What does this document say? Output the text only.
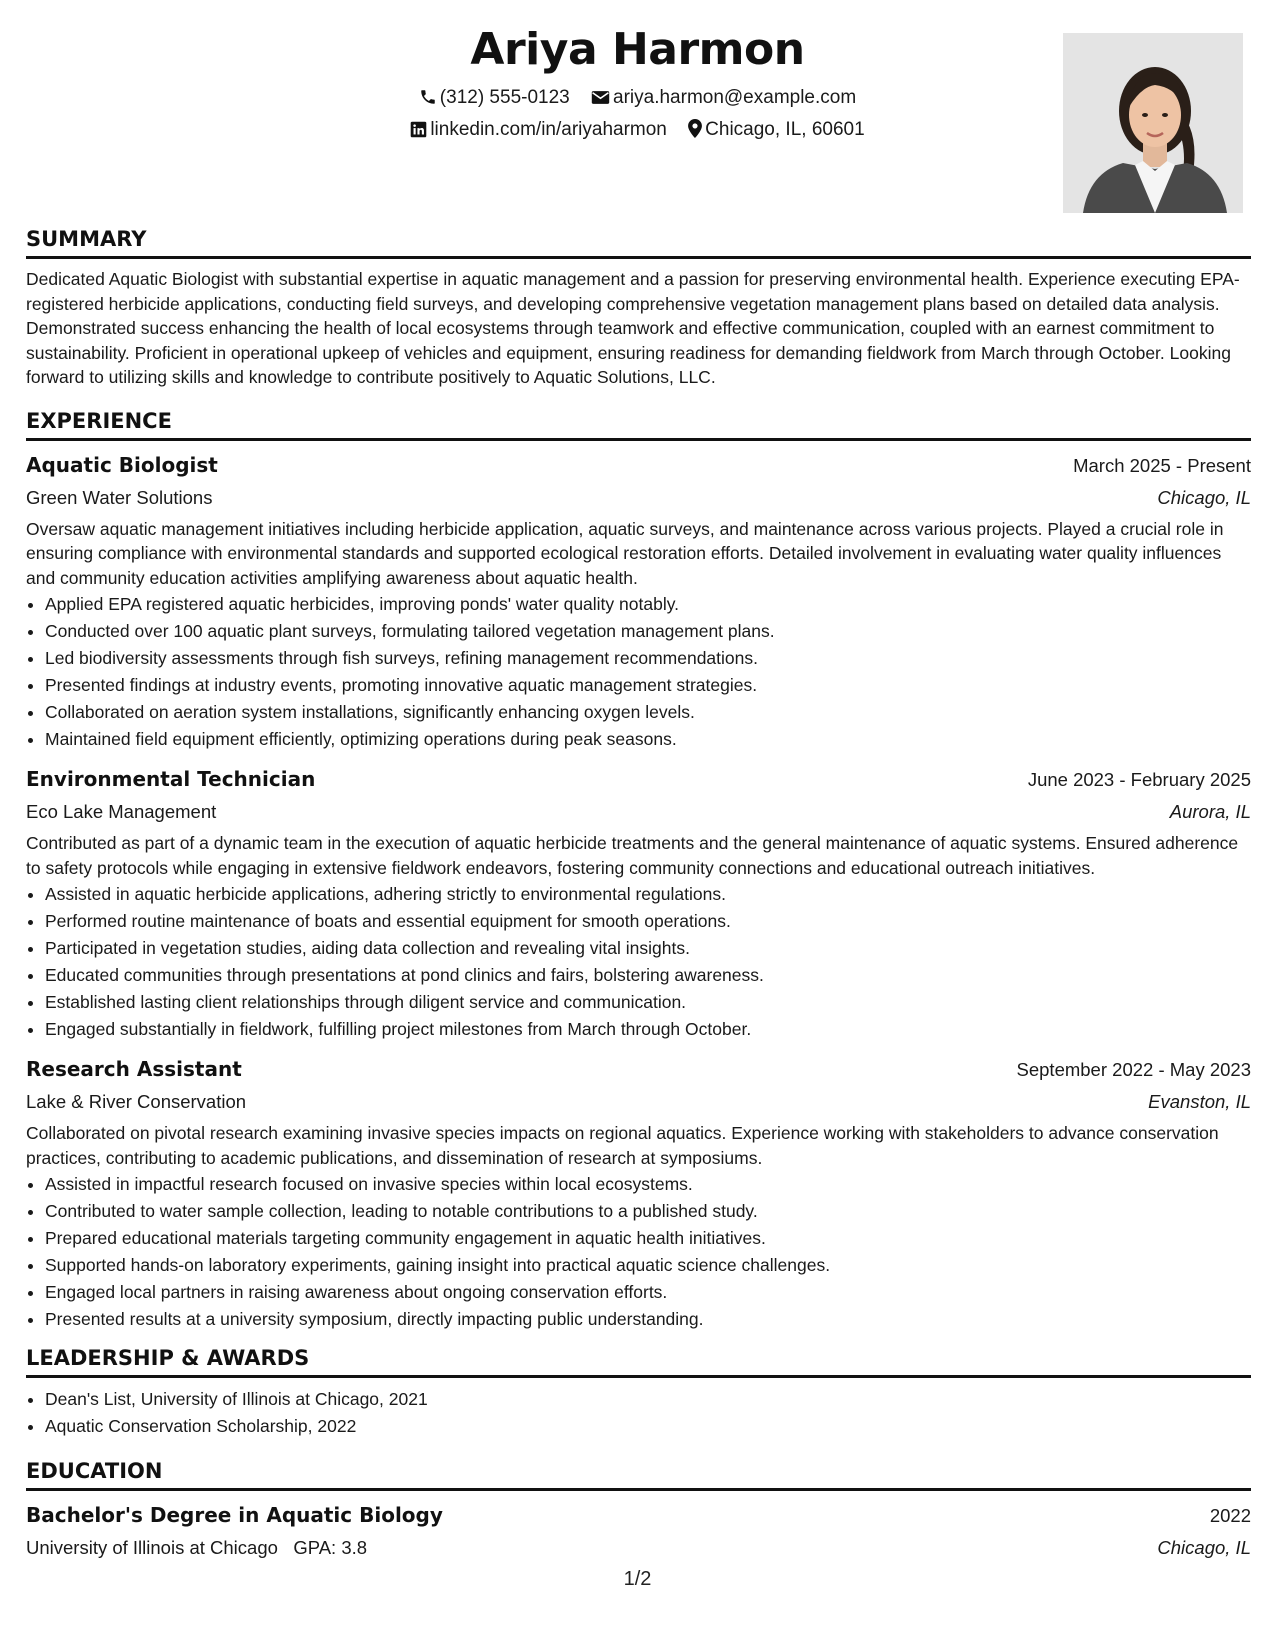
Ariya Harmon
(312) 555-0123 ariya.harmon@example.com
linkedin.com/in/ariyaharmon Chicago, IL, 60601
SUMMARY
Dedicated Aquatic Biologist with substantial expertise in aquatic management and a passion for preserving environmental health. Experience executing EPA-registered herbicide applications, conducting field surveys, and developing comprehensive vegetation management plans based on detailed data analysis. Demonstrated success enhancing the health of local ecosystems through teamwork and effective communication, coupled with an earnest commitment to sustainability. Proficient in operational upkeep of vehicles and equipment, ensuring readiness for demanding fieldwork from March through October. Looking forward to utilizing skills and knowledge to contribute positively to Aquatic Solutions, LLC.
EXPERIENCE
Aquatic Biologist	March 2025 - Present
Green Water Solutions	Chicago, IL
Oversaw aquatic management initiatives including herbicide application, aquatic surveys, and maintenance across various projects. Played a crucial role in ensuring compliance with environmental standards and supported ecological restoration efforts. Detailed involvement in evaluating water quality influences and community education activities amplifying awareness about aquatic health.
• Applied EPA registered aquatic herbicides, improving ponds' water quality notably.
• Conducted over 100 aquatic plant surveys, formulating tailored vegetation management plans.
• Led biodiversity assessments through fish surveys, refining management recommendations.
• Presented findings at industry events, promoting innovative aquatic management strategies.
• Collaborated on aeration system installations, significantly enhancing oxygen levels.
• Maintained field equipment efficiently, optimizing operations during peak seasons.
Environmental Technician	June 2023 - February 2025
Eco Lake Management	Aurora, IL
Contributed as part of a dynamic team in the execution of aquatic herbicide treatments and the general maintenance of aquatic systems. Ensured adherence to safety protocols while engaging in extensive fieldwork endeavors, fostering community connections and educational outreach initiatives.
• Assisted in aquatic herbicide applications, adhering strictly to environmental regulations.
• Performed routine maintenance of boats and essential equipment for smooth operations.
• Participated in vegetation studies, aiding data collection and revealing vital insights.
• Educated communities through presentations at pond clinics and fairs, bolstering awareness.
• Established lasting client relationships through diligent service and communication.
• Engaged substantially in fieldwork, fulfilling project milestones from March through October.
Research Assistant	September 2022 - May 2023
Lake & River Conservation	Evanston, IL
Collaborated on pivotal research examining invasive species impacts on regional aquatics. Experience working with stakeholders to advance conservation practices, contributing to academic publications, and dissemination of research at symposiums.
• Assisted in impactful research focused on invasive species within local ecosystems.
• Contributed to water sample collection, leading to notable contributions to a published study.
• Prepared educational materials targeting community engagement in aquatic health initiatives.
• Supported hands-on laboratory experiments, gaining insight into practical aquatic science challenges.
• Engaged local partners in raising awareness about ongoing conservation efforts.
• Presented results at a university symposium, directly impacting public understanding.
LEADERSHIP & AWARDS
• Dean's List, University of Illinois at Chicago, 2021
• Aquatic Conservation Scholarship, 2022
EDUCATION
Bachelor's Degree in Aquatic Biology	2022
University of Illinois at Chicago GPA: 3.8	Chicago, IL
1/2
